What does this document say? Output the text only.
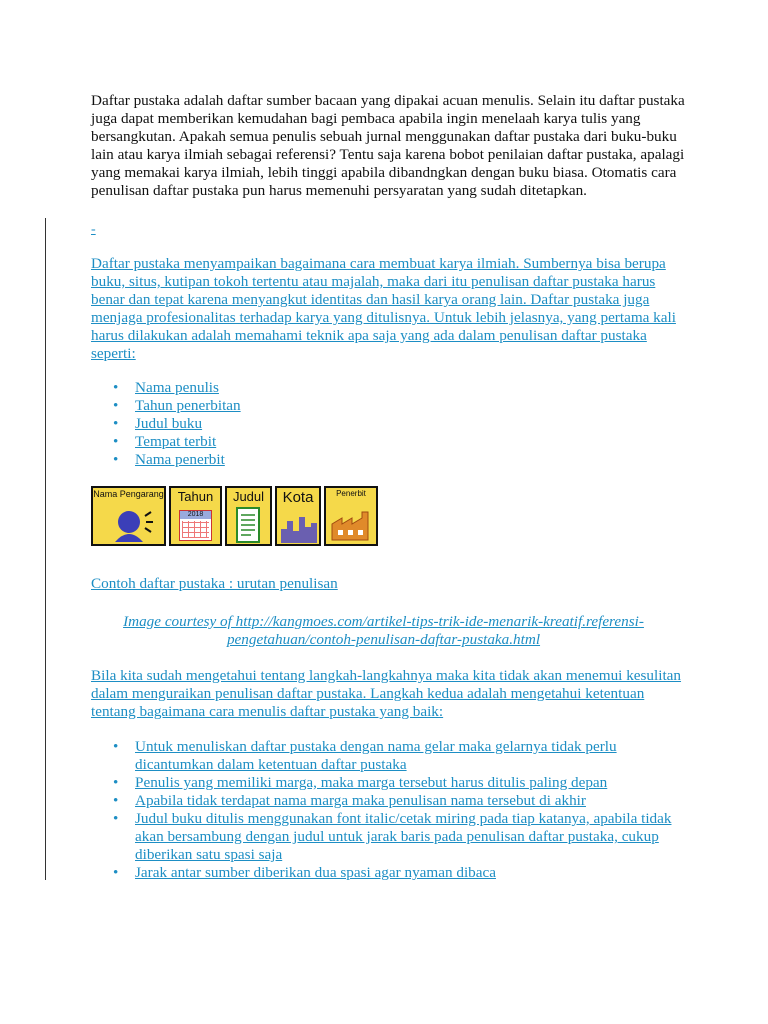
Daftar pustaka adalah daftar sumber bacaan yang dipakai acuan menulis. Selain itu daftar pustaka juga dapat memberikan kemudahan bagi pembaca apabila ingin menelaah karya tulis yang bersangkutan. Apakah semua penulis sebuah jurnal menggunakan daftar pustaka dari buku-buku lain atau karya ilmiah sebagai referensi? Tentu saja karena bobot penilaian daftar pustaka, apalagi yang memakai karya ilmiah, lebih tinggi apabila dibandngkan dengan buku biasa. Otomatis cara penulisan daftar pustaka pun harus memenuhi persyaratan yang sudah ditetapkan.

-

Daftar pustaka menyampaikan bagaimana cara membuat karya ilmiah. Sumbernya bisa berupa buku, situs, kutipan tokoh tertentu atau majalah, maka dari itu penulisan daftar pustaka harus benar dan tepat karena menyangkut identitas dan hasil karya orang lain. Daftar pustaka juga menjaga profesionalitas terhadap karya yang ditulisnya. Untuk lebih jelasnya, yang pertama kali harus dilakukan adalah memahami teknik apa saja yang ada dalam penulisan daftar pustaka seperti:

• Nama penulis
• Tahun penerbitan
• Judul buku
• Tempat terbit
• Nama penerbit
Nama Pengarang	Tahun
2018
Judul	Kota	Penerbit
Contoh daftar pustaka : urutan penulisan
Image courtesy of http://kangmoes.com/artikel-tips-trik-ide-menarik-kreatif.referensi-pengetahuan/contoh-penulisan-daftar-pustaka.html

Bila kita sudah mengetahui tentang langkah-langkahnya maka kita tidak akan menemui kesulitan dalam menguraikan penulisan daftar pustaka. Langkah kedua adalah mengetahui ketentuan tentang bagaimana cara menulis daftar pustaka yang baik:

• Untuk menuliskan daftar pustaka dengan nama gelar maka gelarnya tidak perlu dicantumkan dalam ketentuan daftar pustaka
• Penulis yang memiliki marga, maka marga tersebut harus ditulis paling depan
• Apabila tidak terdapat nama marga maka penulisan nama tersebut di akhir
• Judul buku ditulis menggunakan font italic/cetak miring pada tiap katanya, apabila tidak akan bersambung dengan judul untuk jarak baris pada penulisan daftar pustaka, cukup diberikan satu spasi saja
• Jarak antar sumber diberikan dua spasi agar nyaman dibaca
